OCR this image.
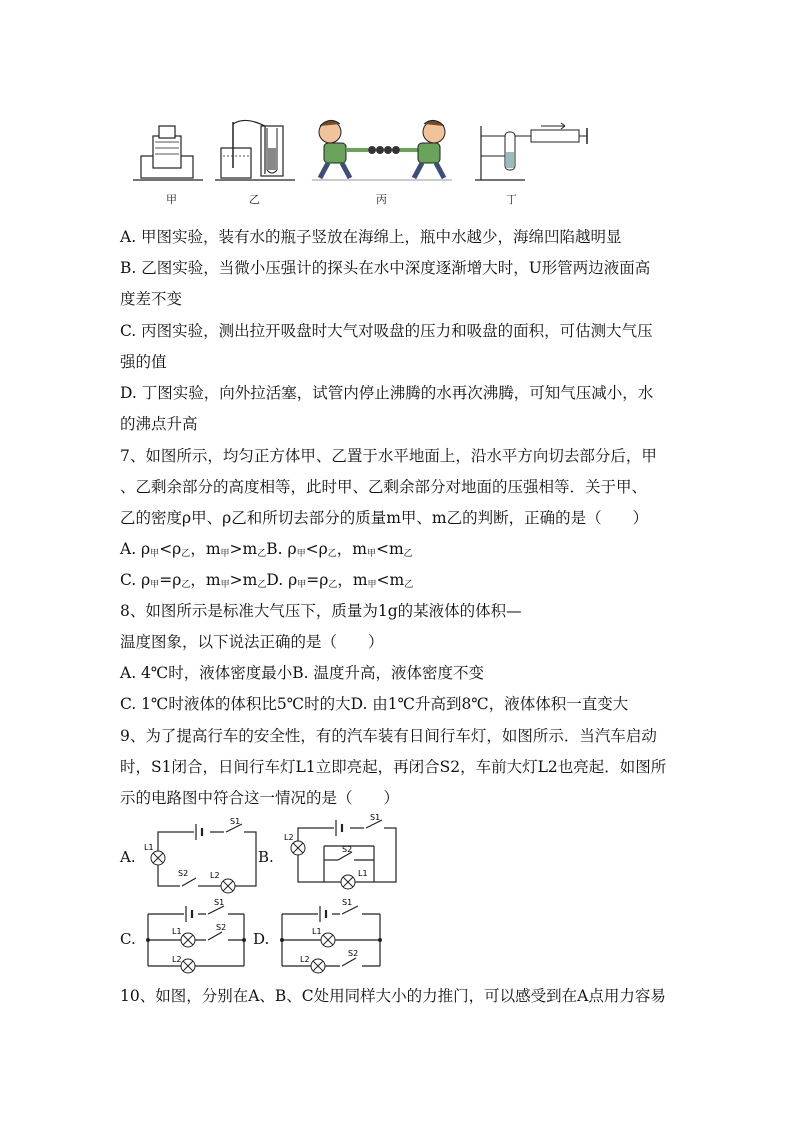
甲	乙	丙	丁
A. 甲图实验，装有水的瓶子竖放在海绵上，瓶中水越少，海绵凹陷越明显
B. 乙图实验，当微小压强计的探头在水中深度逐渐增大时，U形管两边液面高
度差不变
C. 丙图实验，测出拉开吸盘时大气对吸盘的压力和吸盘的面积，可估测大气压
强的值
D. 丁图实验，向外拉活塞，试管内停止沸腾的水再次沸腾，可知气压减小，水
的沸点升高
7、如图所示，均匀正方体甲、乙置于水平地面上，沿水平方向切去部分后，甲
、乙剩余部分的高度相等，此时甲、乙剩余部分对地面的压强相等．关于甲、
乙的密度ρ甲、ρ乙和所切去部分的质量m甲、m乙的判断，正确的是（　　）
A. $\rho_甲<\rho_乙$，$m_甲>m_乙B$. $\rho_甲<\rho_乙$，$m_甲<m_乙$
C. $\rho_甲=\rho_乙$，$m_甲>m_乙D$. $\rho_甲=\rho_乙$，$m_甲<m_乙$
8、如图所示是标准大气压下，质量为1g的某液体的体积—
温度图象，以下说法正确的是（　　）
A. 4℃时，液体密度最小B. 温度升高，液体密度不变
C. 1℃时液体的体积比5℃时的大D. 由1℃升高到8℃，液体体积一直变大
9、为了提高行车的安全性，有的汽车装有日间行车灯，如图所示．当汽车启动
时，S1闭合，日间行车灯L1立即亮起，再闭合S2，车前大灯L2也亮起．如图所
示的电路图中符合这一情况的是（　　）
A.
S1
L1
S2	L2
B.
S1
L2
S2
L1
C.
S1
L1	S2
L2
D.
S1
L1
L2
S2
10、如图，分别在A、B、C处用同样大小的力推门，可以感受到在A点用力容易
